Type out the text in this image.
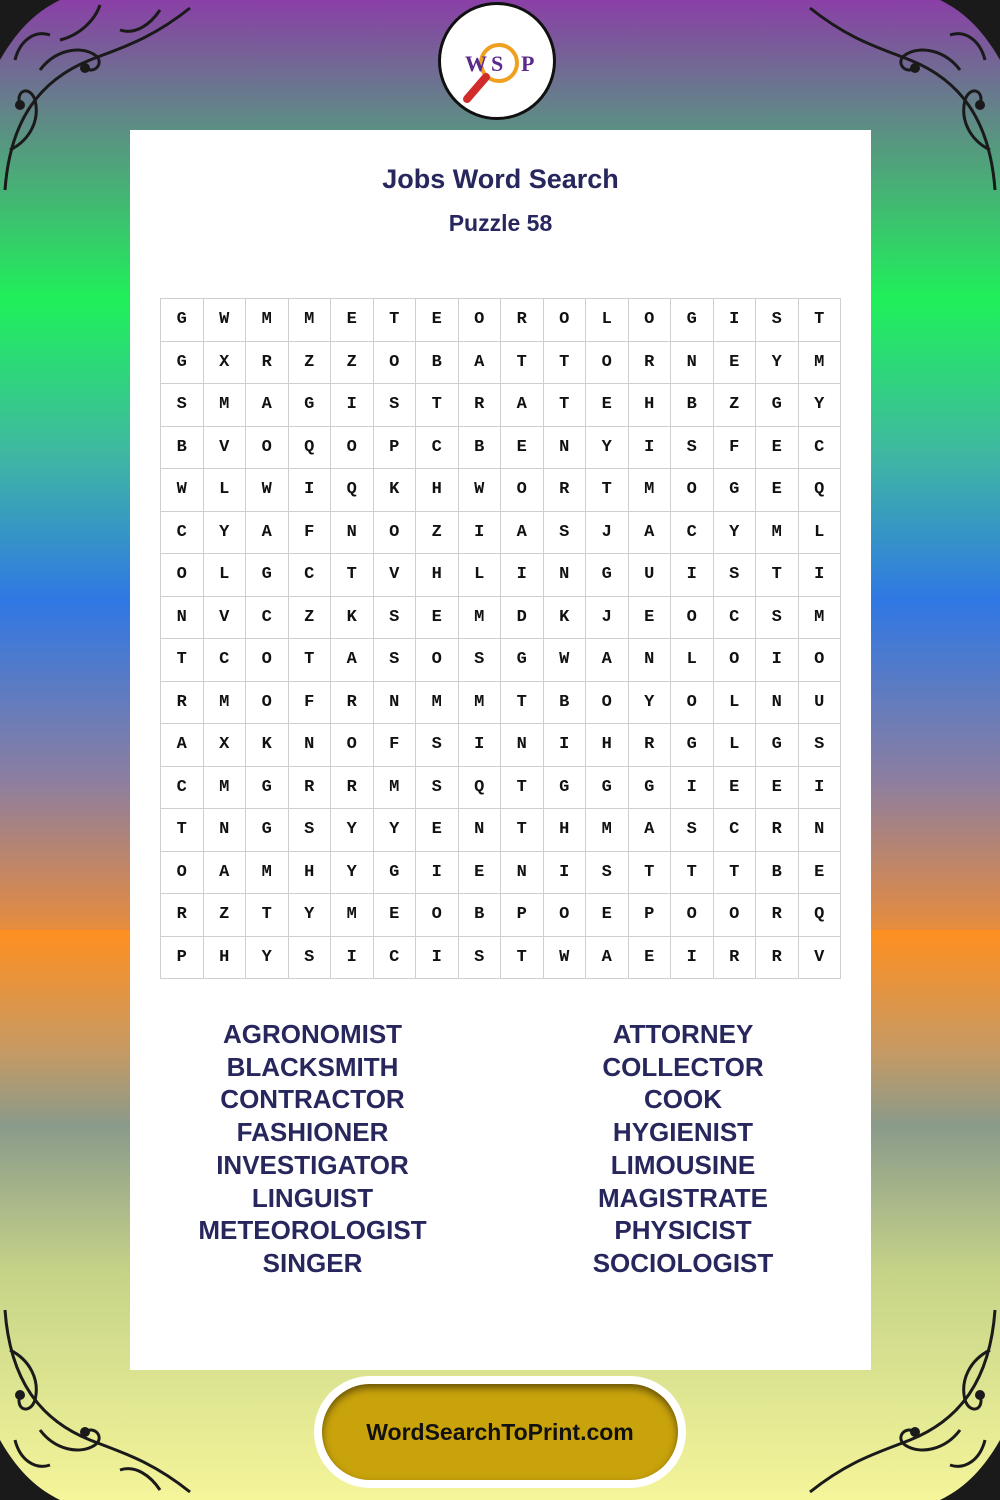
W S P
Jobs Word Search
Puzzle 58
G	W	M	M	E	T	E	O	R	O	L	O	G	I	S	T
G	X	R	Z	Z	O	B	A	T	T	O	R	N	E	Y	M
S	M	A	G	I	S	T	R	A	T	E	H	B	Z	G	Y
B	V	O	Q	O	P	C	B	E	N	Y	I	S	F	E	C
W	L	W	I	Q	K	H	W	O	R	T	M	O	G	E	Q
C	Y	A	F	N	O	Z	I	A	S	J	A	C	Y	M	L
O	L	G	C	T	V	H	L	I	N	G	U	I	S	T	I
N	V	C	Z	K	S	E	M	D	K	J	E	O	C	S	M
T	C	O	T	A	S	O	S	G	W	A	N	L	O	I	O
R	M	O	F	R	N	M	M	T	B	O	Y	O	L	N	U
A	X	K	N	O	F	S	I	N	I	H	R	G	L	G	S
C	M	G	R	R	M	S	Q	T	G	G	G	I	E	E	I
T	N	G	S	Y	Y	E	N	T	H	M	A	S	C	R	N
O	A	M	H	Y	G	I	E	N	I	S	T	T	T	B	E
R	Z	T	Y	M	E	O	B	P	O	E	P	O	O	R	Q
P	H	Y	S	I	C	I	S	T	W	A	E	I	R	R	V
AGRONOMIST
BLACKSMITH
CONTRACTOR
FASHIONER
INVESTIGATOR
LINGUIST
METEOROLOGIST
SINGER
ATTORNEY
COLLECTOR
COOK
HYGIENIST
LIMOUSINE
MAGISTRATE
PHYSICIST
SOCIOLOGIST
WordSearchToPrint.com
